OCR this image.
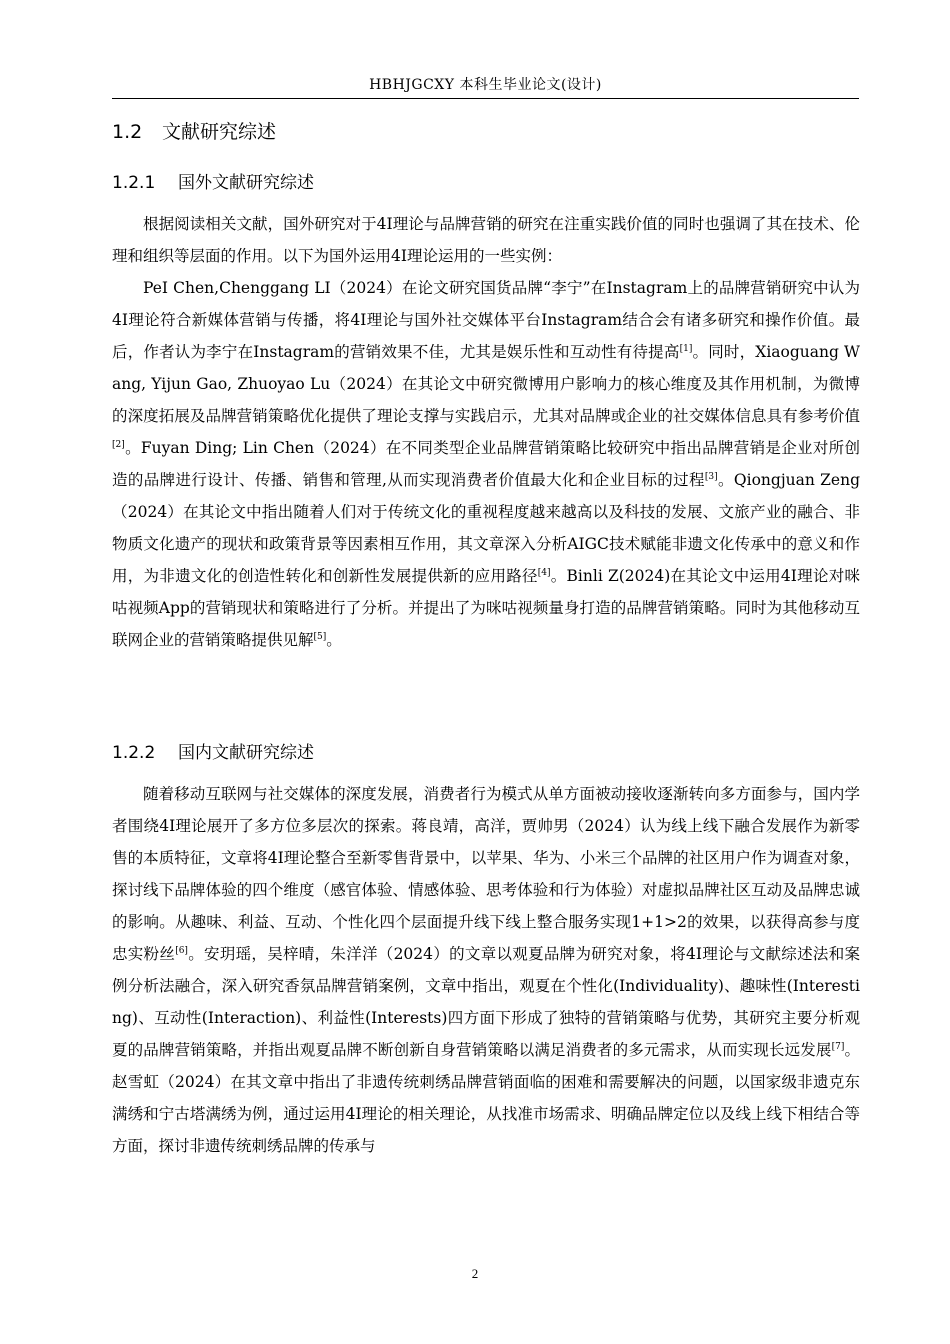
HBHJGCXY 本科生毕业论文(设计)
1.2 文献研究综述
1.2.1 国外文献研究综述

根据阅读相关文献，国外研究对于4I理论与品牌营销的研究在注重实践价值的同时也强调了其在技术、伦理和组织等层面的作用。以下为国外运用4I理论运用的一些实例：

PeI Chen,Chenggang LI（2024）在论文研究国货品牌“李宁”在Instagram上的品牌营销研究中认为4I理论符合新媒体营销与传播，将4I理论与国外社交媒体平台Instagram结合会有诸多研究和操作价值。最后，作者认为李宁在Instagram的营销效果不佳，尤其是娱乐性和互动性有待提高[1]。同时，Xiaoguang Wang, Yijun Gao, Zhuoyao Lu（2024）在其论文中研究微博用户影响力的核心维度及其作用机制，为微博的深度拓展及品牌营销策略优化提供了理论支撑与实践启示，尤其对品牌或企业的社交媒体信息具有参考价值[2]。Fuyan Ding; Lin Chen（2024）在不同类型企业品牌营销策略比较研究中指出品牌营销是企业对所创造的品牌进行设计、传播、销售和管理,从而实现消费者价值最大化和企业目标的过程[3]。Qiongjuan Zeng（2024）在其论文中指出随着人们对于传统文化的重视程度越来越高以及科技的发展、文旅产业的融合、非物质文化遗产的现状和政策背景等因素相互作用，其文章深入分析AIGC技术赋能非遗文化传承中的意义和作用，为非遗文化的创造性转化和创新性发展提供新的应用路径[4]。Binli Z(2024)在其论文中运用4I理论对咪咕视频App的营销现状和策略进行了分析。并提出了为咪咕视频量身打造的品牌营销策略。同时为其他移动互联网企业的营销策略提供见解[5]。

1.2.2 国内文献研究综述

随着移动互联网与社交媒体的深度发展，消费者行为模式从单方面被动接收逐渐转向多方面参与，国内学者围绕4I理论展开了多方位多层次的探索。蒋良靖，高洋，贾帅男（2024）认为线上线下融合发展作为新零售的本质特征，文章将4I理论整合至新零售背景中，以苹果、华为、小米三个品牌的社区用户作为调查对象，探讨线下品牌体验的四个维度（感官体验、情感体验、思考体验和行为体验）对虚拟品牌社区互动及品牌忠诚的影响。从趣味、利益、互动、个性化四个层面提升线下线上整合服务实现1+1>2的效果，以获得高参与度忠实粉丝[6]。安玥瑶，吴梓晴，朱洋洋（2024）的文章以观夏品牌为研究对象，将4I理论与文献综述法和案例分析法融合，深入研究香氛品牌营销案例，文章中指出，观夏在个性化(Individuality)、趣味性(Interesting)、互动性(Interaction)、利益性(Interests)四方面下形成了独特的营销策略与优势，其研究主要分析观夏的品牌营销策略，并指出观夏品牌不断创新自身营销策略以满足消费者的多元需求，从而实现长远发展[7]。赵雪虹（2024）在其文章中指出了非遗传统刺绣品牌营销面临的困难和需要解决的问题，以国家级非遗克东满绣和宁古塔满绣为例，通过运用4I理论的相关理论，从找准市场需求、明确品牌定位以及线上线下相结合等方面，探讨非遗传统刺绣品牌的传承与

2
